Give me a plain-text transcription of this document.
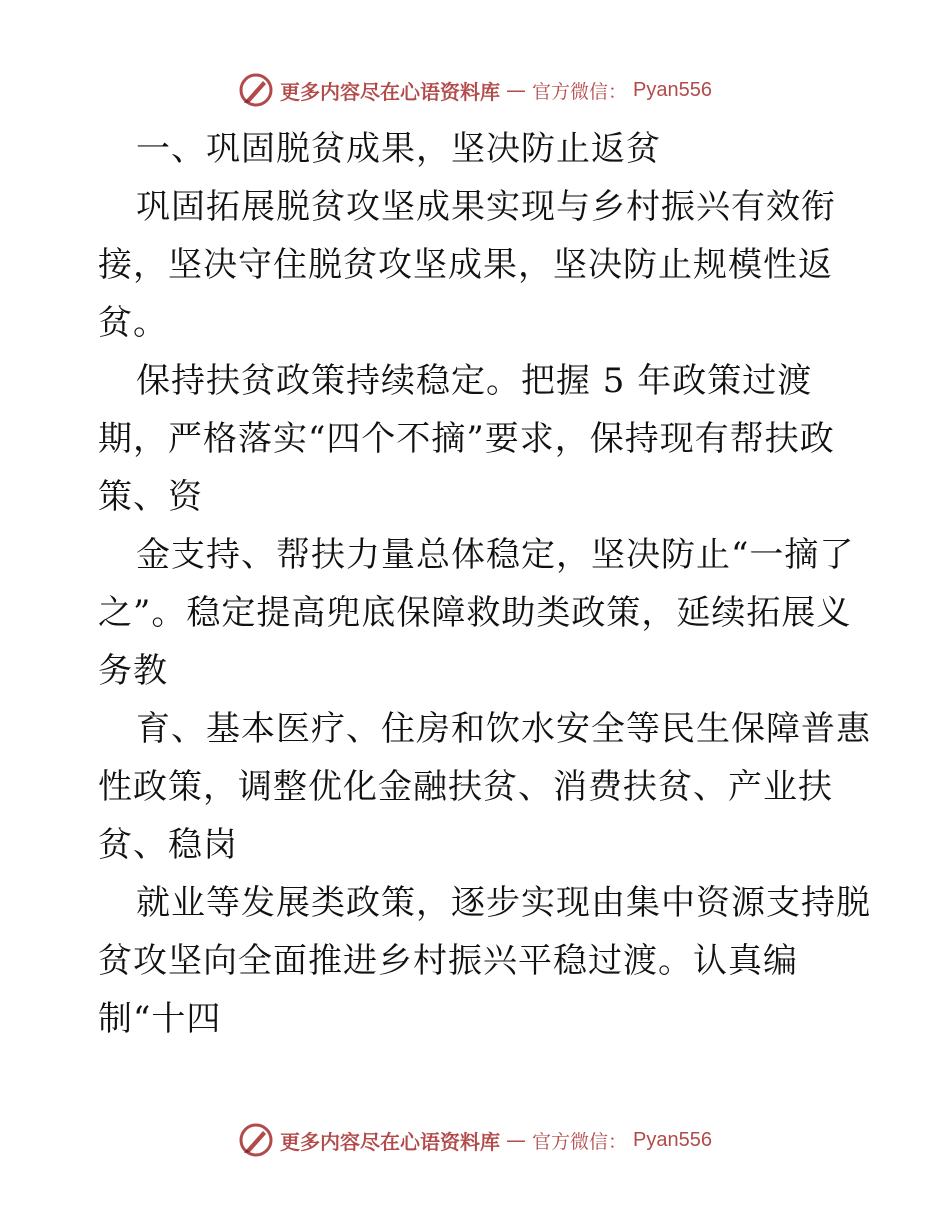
更多内容尽在心语资料库 — 官方微信： Pyan556
一、巩固脱贫成果，坚决防止返贫
巩固拓展脱贫攻坚成果实现与乡村振兴有效衔
接，坚决守住脱贫攻坚成果，坚决防止规模性返
贫。
保持扶贫政策持续稳定。把握 5 年政策过渡
期，严格落实“四个不摘”要求，保持现有帮扶政
策、资
金支持、帮扶力量总体稳定，坚决防止“一摘了
之”。稳定提高兜底保障救助类政策，延续拓展义
务教
育、基本医疗、住房和饮水安全等民生保障普惠
性政策，调整优化金融扶贫、消费扶贫、产业扶
贫、稳岗
就业等发展类政策，逐步实现由集中资源支持脱
贫攻坚向全面推进乡村振兴平稳过渡。认真编
制“十四
更多内容尽在心语资料库 — 官方微信： Pyan556
